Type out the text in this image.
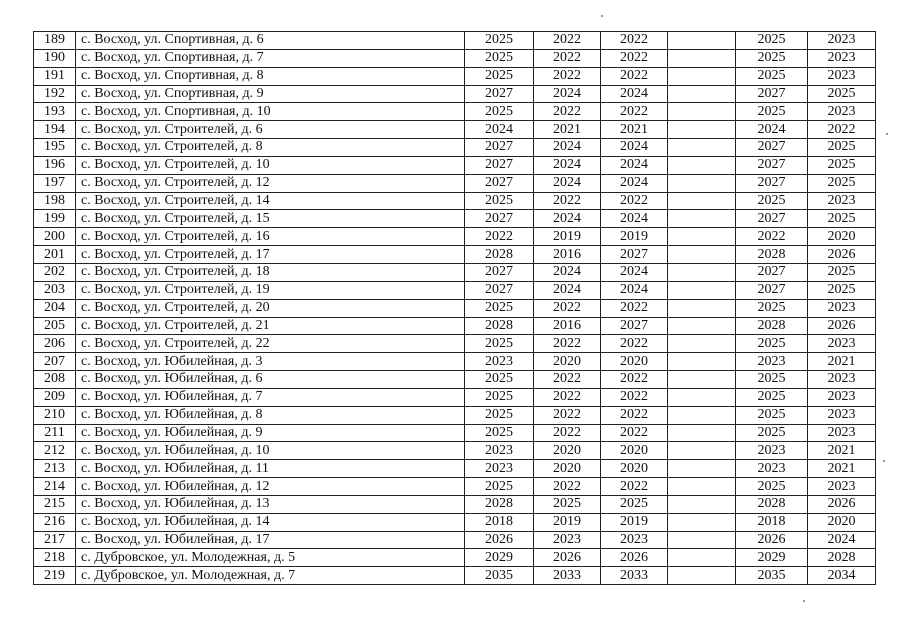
189	с. Восход, ул. Спортивная, д. 6	2025	2022	2022		2025	2023
190	с. Восход, ул. Спортивная, д. 7	2025	2022	2022		2025	2023
191	с. Восход, ул. Спортивная, д. 8	2025	2022	2022		2025	2023
192	с. Восход, ул. Спортивная, д. 9	2027	2024	2024		2027	2025
193	с. Восход, ул. Спортивная, д. 10	2025	2022	2022		2025	2023
194	с. Восход, ул. Строителей, д. 6	2024	2021	2021		2024	2022
195	с. Восход, ул. Строителей, д. 8	2027	2024	2024		2027	2025
196	с. Восход, ул. Строителей, д. 10	2027	2024	2024		2027	2025
197	с. Восход, ул. Строителей, д. 12	2027	2024	2024		2027	2025
198	с. Восход, ул. Строителей, д. 14	2025	2022	2022		2025	2023
199	с. Восход, ул. Строителей, д. 15	2027	2024	2024		2027	2025
200	с. Восход, ул. Строителей, д. 16	2022	2019	2019		2022	2020
201	с. Восход, ул. Строителей, д. 17	2028	2016	2027		2028	2026
202	с. Восход, ул. Строителей, д. 18	2027	2024	2024		2027	2025
203	с. Восход, ул. Строителей, д. 19	2027	2024	2024		2027	2025
204	с. Восход, ул. Строителей, д. 20	2025	2022	2022		2025	2023
205	с. Восход, ул. Строителей, д. 21	2028	2016	2027		2028	2026
206	с. Восход, ул. Строителей, д. 22	2025	2022	2022		2025	2023
207	с. Восход, ул. Юбилейная, д. 3	2023	2020	2020		2023	2021
208	с. Восход, ул. Юбилейная, д. 6	2025	2022	2022		2025	2023
209	с. Восход, ул. Юбилейная, д. 7	2025	2022	2022		2025	2023
210	с. Восход, ул. Юбилейная, д. 8	2025	2022	2022		2025	2023
211	с. Восход, ул. Юбилейная, д. 9	2025	2022	2022		2025	2023
212	с. Восход, ул. Юбилейная, д. 10	2023	2020	2020		2023	2021
213	с. Восход, ул. Юбилейная, д. 11	2023	2020	2020		2023	2021
214	с. Восход, ул. Юбилейная, д. 12	2025	2022	2022		2025	2023
215	с. Восход, ул. Юбилейная, д. 13	2028	2025	2025		2028	2026
216	с. Восход, ул. Юбилейная, д. 14	2018	2019	2019		2018	2020
217	с. Восход, ул. Юбилейная, д. 17	2026	2023	2023		2026	2024
218	с. Дубровское, ул. Молодежная, д. 5	2029	2026	2026		2029	2028
219	с. Дубровское, ул. Молодежная, д. 7	2035	2033	2033		2035	2034
